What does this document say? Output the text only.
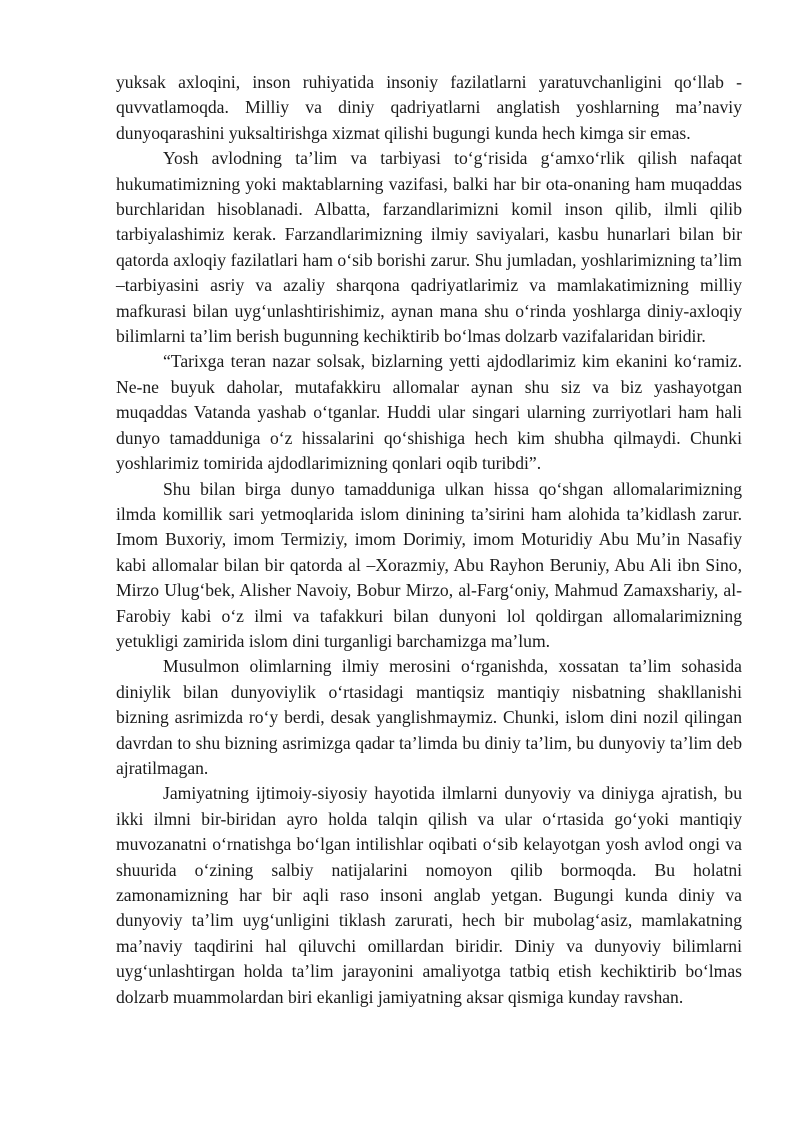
yuksak axloqini, inson ruhiyatida insoniy fazilatlarni yaratuvchanligini qo‘llab - quvvatlamoqda. Milliy va diniy qadriyatlarni anglatish yoshlarning ma’naviy dunyoqarashini yuksaltirishga xizmat qilishi bugungi kunda hech kimga sir emas.

Yosh avlodning ta’lim va tarbiyasi to‘g‘risida g‘amxo‘rlik qilish nafaqat hukumatimizning yoki maktablarning vazifasi, balki har bir ota-onaning ham muqaddas burchlaridan hisoblanadi. Albatta, farzandlarimizni komil inson qilib, ilmli qilib tarbiyalashimiz kerak. Farzandlarimizning ilmiy saviyalari, kasbu hunarlari bilan bir qatorda axloqiy fazilatlari ham o‘sib borishi zarur. Shu jumladan, yoshlarimizning ta’lim –tarbiyasini asriy va azaliy sharqona qadriyatlarimiz va mamlakatimizning milliy mafkurasi bilan uyg‘unlashtirishimiz, aynan mana shu o‘rinda yoshlarga diniy-axloqiy bilimlarni ta’lim berish bugunning kechiktirib bo‘lmas dolzarb vazifalaridan biridir.

“Tarixga teran nazar solsak, bizlarning yetti ajdodlarimiz kim ekanini ko‘ramiz. Ne-ne buyuk daholar, mutafakkiru allomalar aynan shu siz va biz yashayotgan muqaddas Vatanda yashab o‘tganlar. Huddi ular singari ularning zurriyotlari ham hali dunyo tamadduniga o‘z hissalarini qo‘shishiga hech kim shubha qilmaydi. Chunki yoshlarimiz tomirida ajdodlarimizning qonlari oqib turibdi”.

Shu bilan birga dunyo tamadduniga ulkan hissa qo‘shgan allomalarimizning ilmda komillik sari yetmoqlarida islom dinining ta’sirini ham alohida ta’kidlash zarur. Imom Buxoriy, imom Termiziy, imom Dorimiy, imom Moturidiy Abu Mu’in Nasafiy kabi allomalar bilan bir qatorda al –Xorazmiy, Abu Rayhon Beruniy, Abu Ali ibn Sino, Mirzo Ulug‘bek, Alisher Navoiy, Bobur Mirzo, al-Farg‘oniy, Mahmud Zamaxshariy, al-Farobiy kabi o‘z ilmi va tafakkuri bilan dunyoni lol qoldirgan allomalarimizning yetukligi zamirida islom dini turganligi barchamizga ma’lum.

Musulmon olimlarning ilmiy merosini o‘rganishda, xossatan ta’lim sohasida diniylik bilan dunyoviylik o‘rtasidagi mantiqsiz mantiqiy nisbatning shakllanishi bizning asrimizda ro‘y berdi, desak yanglishmaymiz. Chunki, islom dini nozil qilingan davrdan to shu bizning asrimizga qadar ta’limda bu diniy ta’lim, bu dunyoviy ta’lim deb ajratilmagan.

Jamiyatning ijtimoiy-siyosiy hayotida ilmlarni dunyoviy va diniyga ajratish, bu ikki ilmni bir-biridan ayro holda talqin qilish va ular o‘rtasida go‘yoki mantiqiy muvozanatni o‘rnatishga bo‘lgan intilishlar oqibati o‘sib kelayotgan yosh avlod ongi va shuurida o‘zining salbiy natijalarini nomoyon qilib bormoqda. Bu holatni zamonamizning har bir aqli raso insoni anglab yetgan. Bugungi kunda diniy va dunyoviy ta’lim uyg‘unligini tiklash zarurati, hech bir mubolag‘asiz, mamlakatning ma’naviy taqdirini hal qiluvchi omillardan biridir. Diniy va dunyoviy bilimlarni uyg‘unlashtirgan holda ta’lim jarayonini amaliyotga tatbiq etish kechiktirib bo‘lmas dolzarb muammolardan biri ekanligi jamiyatning aksar qismiga kunday ravshan.
